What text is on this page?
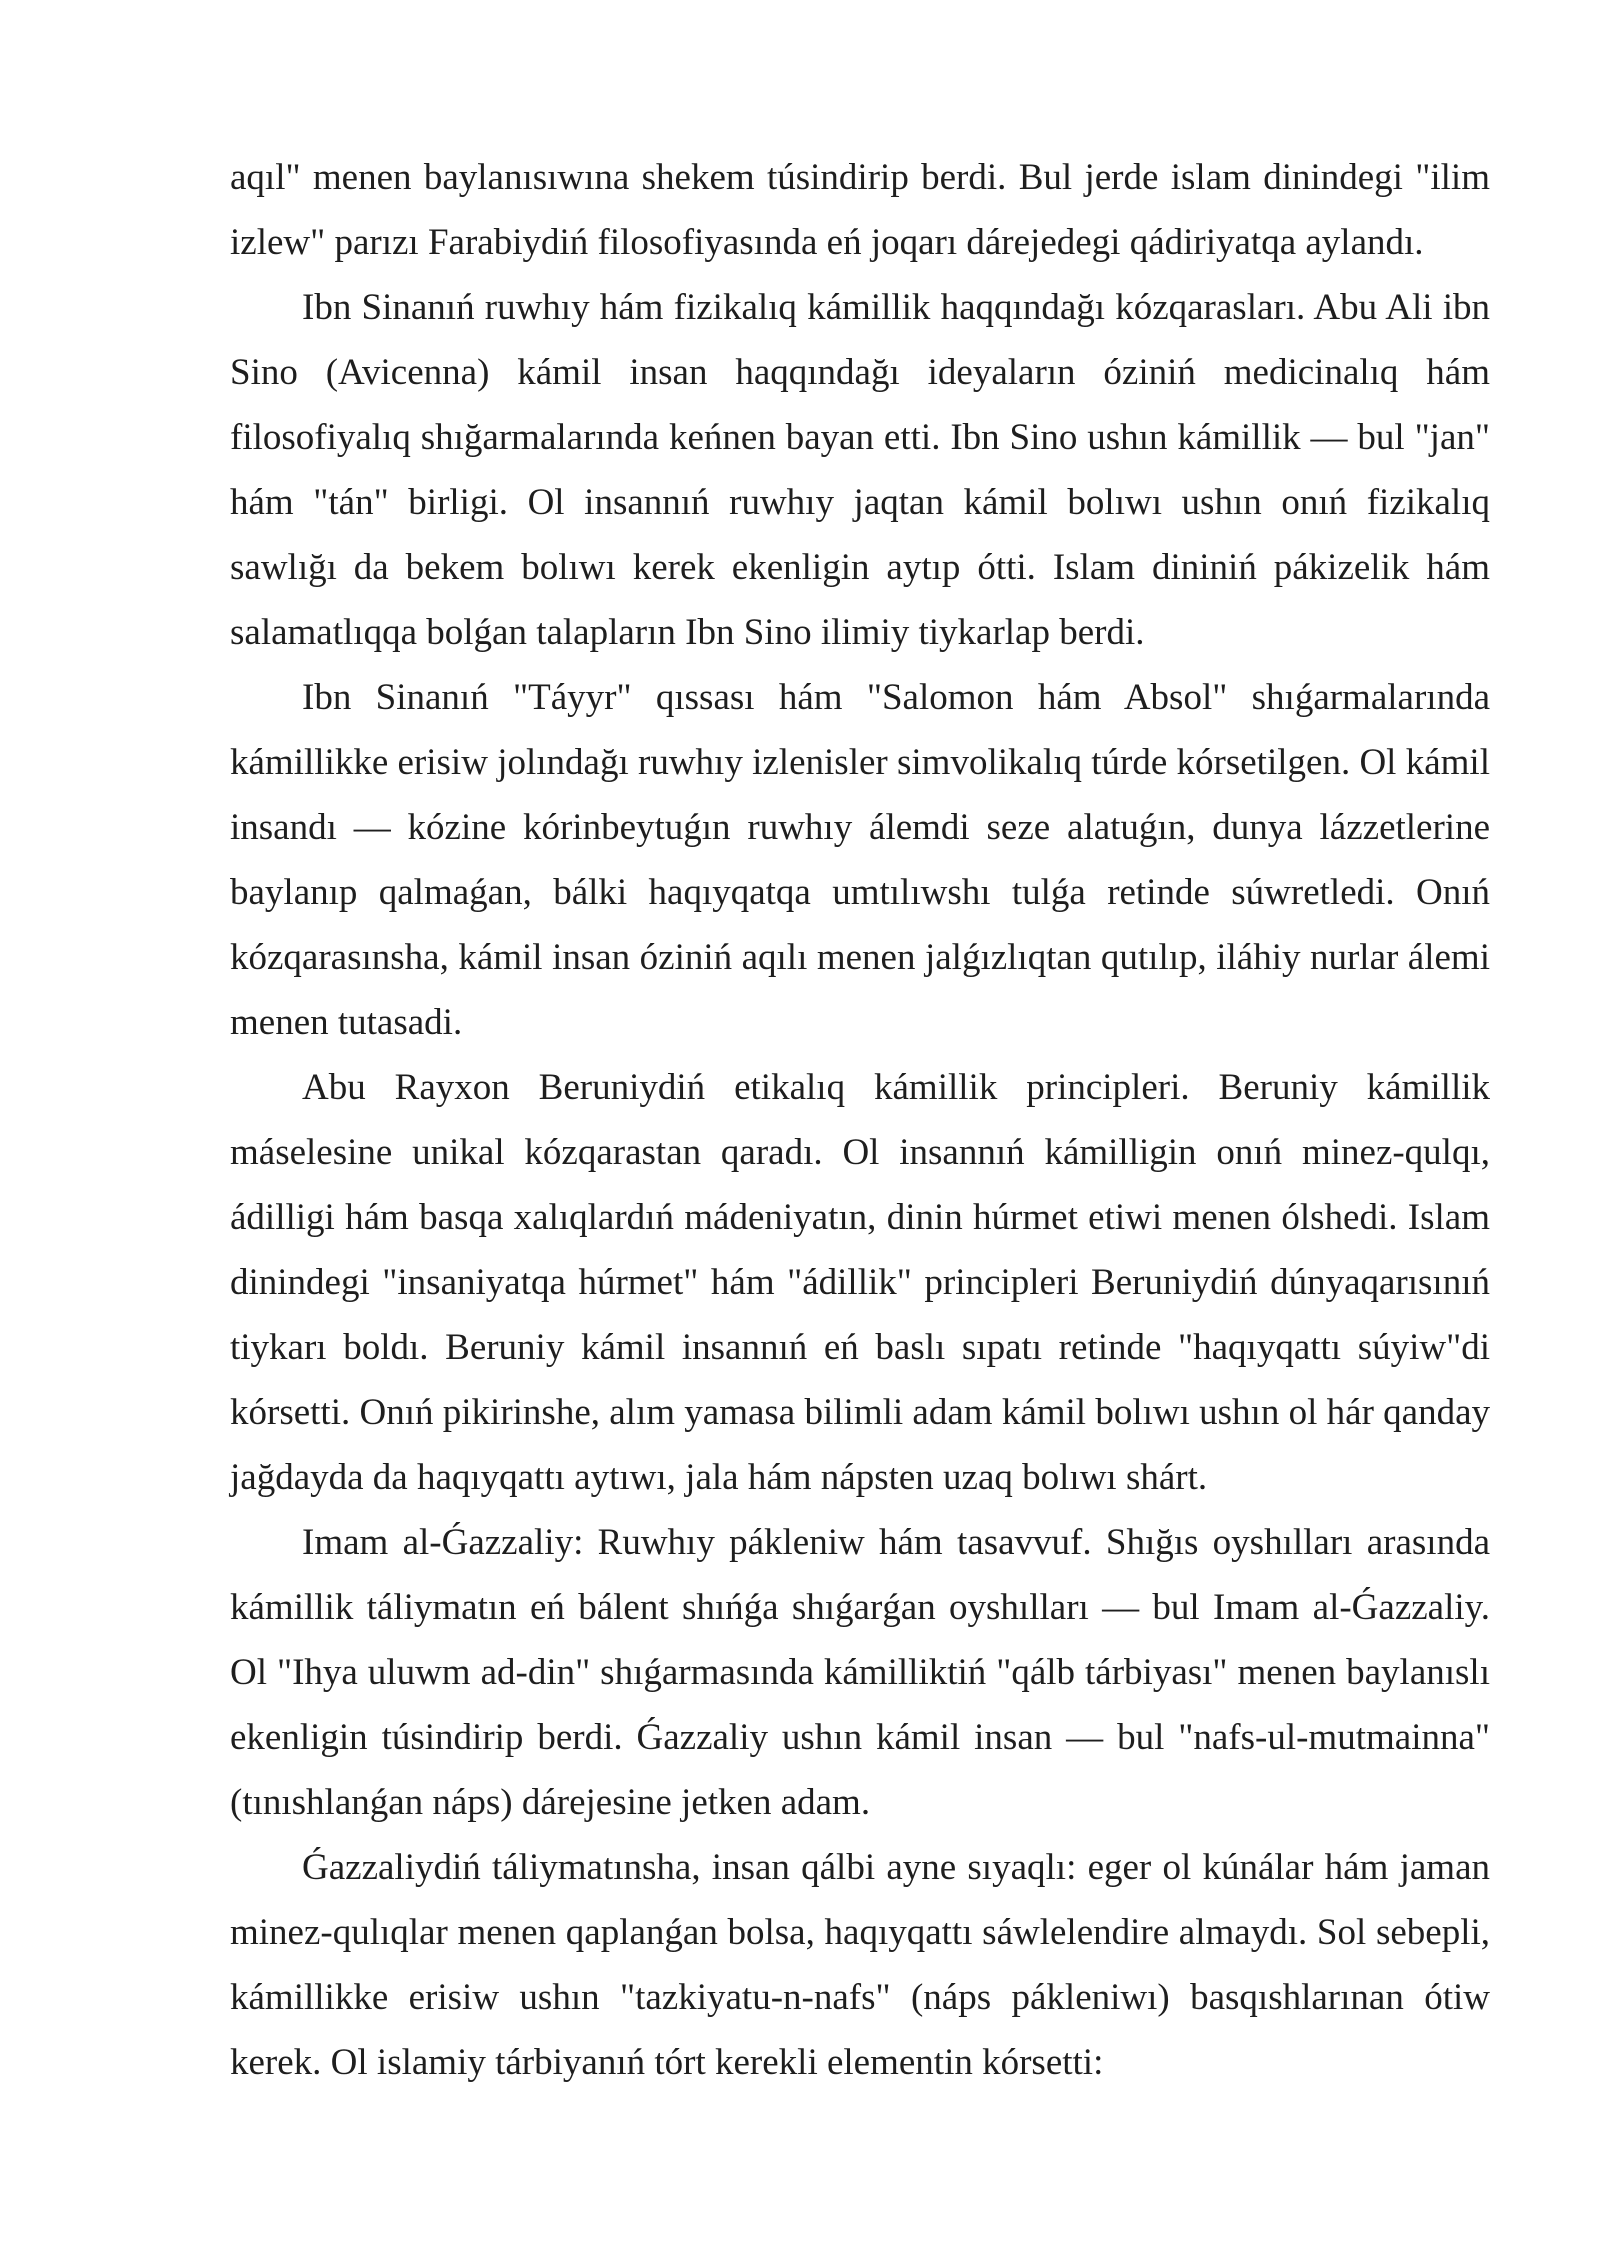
aqıl" menen baylanısıwına shekem túsindirip berdi. Bul jerde islam dinindegi "ilim izlew" parızı Farabiydiń filosofiyasında eń joqarı dárejedegi qádiriyatqa aylandı.

Ibn Sinanıń ruwhıy hám fizikalıq kámillik haqqındağı kózqarasları. Abu Ali ibn Sino (Avicenna) kámil insan haqqındağı ideyaların óziniń medicinalıq hám filosofiyalıq shığarmalarında keńnen bayan etti. Ibn Sino ushın kámillik — bul "jan" hám "tán" birligi. Ol insannıń ruwhıy jaqtan kámil bolıwı ushın onıń fizikalıq sawlığı da bekem bolıwı kerek ekenligin aytıp ótti. Islam dininiń pákizelik hám salamatlıqqa bolǵan talapların Ibn Sino ilimiy tiykarlap berdi.

Ibn Sinanıń "Táyyr" qıssası hám "Salomon hám Absol" shıǵarmalarında kámillikke erisiw jolındağı ruwhıy izlenisler simvolikalıq túrde kórsetilgen. Ol kámil insandı — kózine kórinbeytuǵın ruwhıy álemdi seze alatuǵın, dunya lázzetlerine baylanıp qalmaǵan, bálki haqıyqatqa umtılıwshı tulǵa retinde súwretledi. Onıń kózqarasınsha, kámil insan óziniń aqılı menen jalǵızlıqtan qutılıp, iláhiy nurlar álemi menen tutasadi.

Abu Rayxon Beruniydiń etikalıq kámillik principleri. Beruniy kámillik máselesine unikal kózqarastan qaradı. Ol insannıń kámilligin onıń minez-qulqı, ádilligi hám basqa xalıqlardıń mádeniyatın, dinin húrmet etiwi menen ólshedi. Islam dinindegi "insaniyatqa húrmet" hám "ádillik" principleri Beruniydiń dúnyaqarısınıń tiykarı boldı. Beruniy kámil insannıń eń baslı sıpatı retinde "haqıyqattı súyiw"di kórsetti. Onıń pikirinshe, alım yamasa bilimli adam kámil bolıwı ushın ol hár qanday jağdayda da haqıyqattı aytıwı, jala hám nápsten uzaq bolıwı shárt.

Imam al-Ǵazzaliy: Ruwhıy pákleniw hám tasavvuf. Shığıs oyshılları arasında kámillik táliymatın eń bálent shıńǵa shıǵarǵan oyshılları — bul Imam al-Ǵazzaliy. Ol "Ihya uluwm ad-din" shıǵarmasında kámilliktiń "qálb tárbiyası" menen baylanıslı ekenligin túsindirip berdi. Ǵazzaliy ushın kámil insan — bul "nafs-ul-mutmainna" (tınıshlanǵan náps) dárejesine jetken adam.

Ǵazzaliydiń táliymatınsha, insan qálbi ayne sıyaqlı: eger ol kúnálar hám jaman minez-qulıqlar menen qaplanǵan bolsa, haqıyqattı sáwlelendire almaydı. Sol sebepli, kámillikke erisiw ushın "tazkiyatu-n-nafs" (náps pákleniwı) basqıshlarınan ótiw kerek. Ol islamiy tárbiyanıń tórt kerekli elementin kórsetti:
